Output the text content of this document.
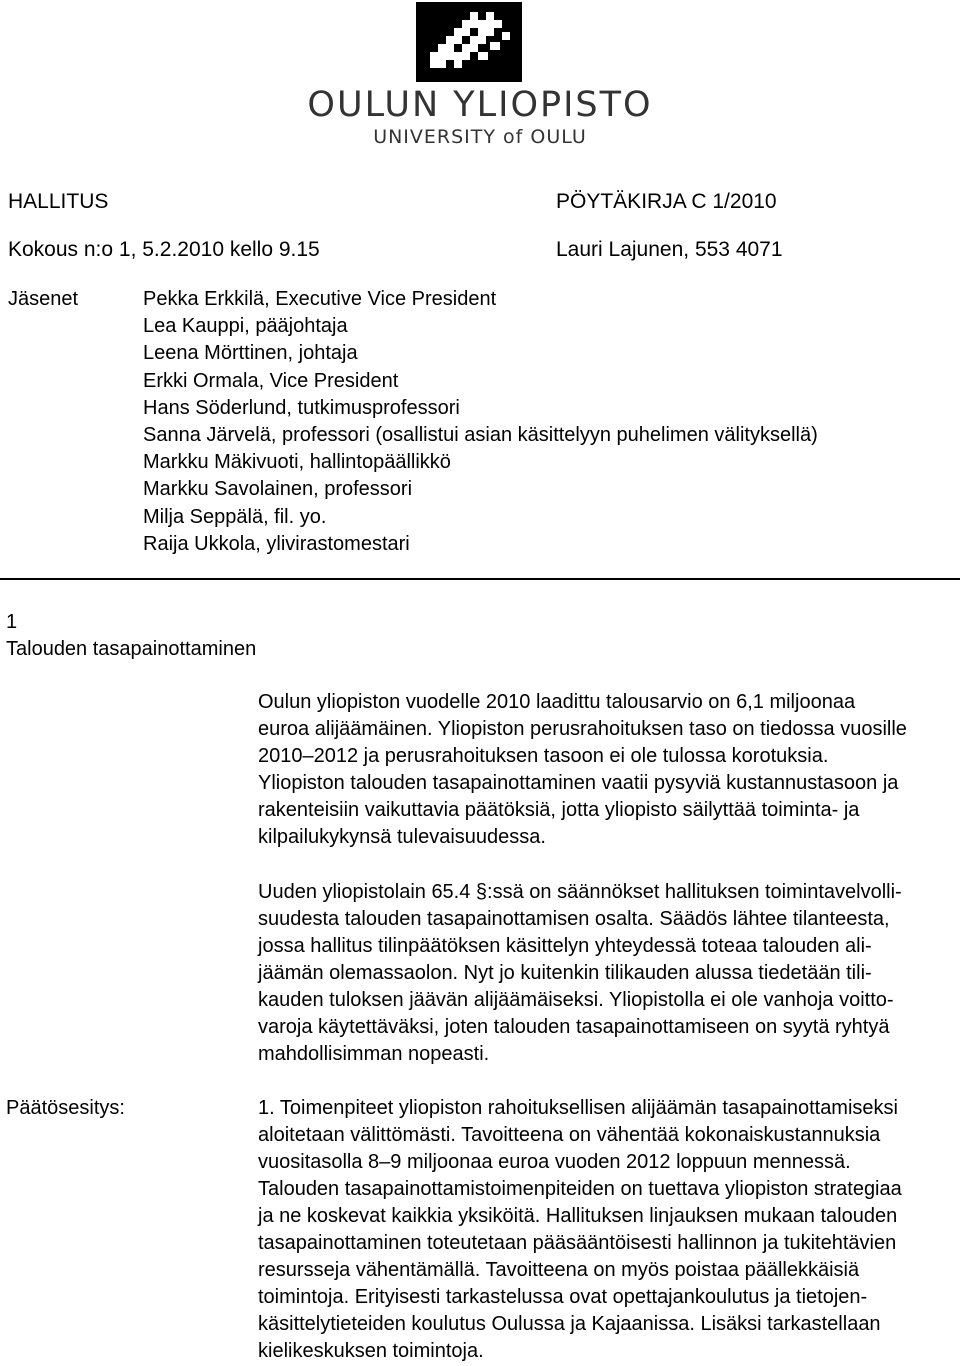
OULUN YLIOPISTO
UNIVERSITY of OULU
HALLITUS	PÖYTÄKIRJA C 1/2010
Kokous n:o 1, 5.2.2010 kello 9.15	Lauri Lajunen, 553 4071
Jäsenet	Pekka Erkkilä, Executive Vice President
Lea Kauppi, pääjohtaja
Leena Mörttinen, johtaja
Erkki Ormala, Vice President
Hans Söderlund, tutkimusprofessori
Sanna Järvelä, professori (osallistui asian käsittelyyn puhelimen välityksellä)
Markku Mäkivuoti, hallintopäällikkö
Markku Savolainen, professori
Milja Seppälä, fil. yo.
Raija Ukkola, ylivirastomestari
1
Talouden tasapainottaminen
Oulun yliopiston vuodelle 2010 laadittu talousarvio on 6,1 miljoonaa
euroa alijäämäinen. Yliopiston perusrahoituksen taso on tiedossa vuosille
2010–2012 ja perusrahoituksen tasoon ei ole tulossa korotuksia.
Yliopiston talouden tasapainottaminen vaatii pysyviä kustannustasoon ja
rakenteisiin vaikuttavia päätöksiä, jotta yliopisto säilyttää toiminta- ja
kilpailukykynsä tulevaisuudessa.
Uuden yliopistolain 65.4 §:ssä on säännökset hallituksen toimintavelvolli-
suudesta talouden tasapainottamisen osalta. Säädös lähtee tilanteesta,
jossa hallitus tilinpäätöksen käsittelyn yhteydessä toteaa talouden ali-
jäämän olemassaolon. Nyt jo kuitenkin tilikauden alussa tiedetään tili-
kauden tuloksen jäävän alijäämäiseksi. Yliopistolla ei ole vanhoja voitto-
varoja käytettäväksi, joten talouden tasapainottamiseen on syytä ryhtyä
mahdollisimman nopeasti.
Päätösesitys:	1. Toimenpiteet yliopiston rahoituksellisen alijäämän tasapainottamiseksi
aloitetaan välittömästi. Tavoitteena on vähentää kokonaiskustannuksia
vuositasolla 8–9 miljoonaa euroa vuoden 2012 loppuun mennessä.
Talouden tasapainottamistoimenpiteiden on tuettava yliopiston strategiaa
ja ne koskevat kaikkia yksiköitä. Hallituksen linjauksen mukaan talouden
tasapainottaminen toteutetaan pääsääntöisesti hallinnon ja tukitehtävien
resursseja vähentämällä. Tavoitteena on myös poistaa päällekkäisiä
toimintoja. Erityisesti tarkastelussa ovat opettajankoulutus ja tietojen-
käsittelytieteiden koulutus Oulussa ja Kajaanissa. Lisäksi tarkastellaan
kielikeskuksen toimintoja.
